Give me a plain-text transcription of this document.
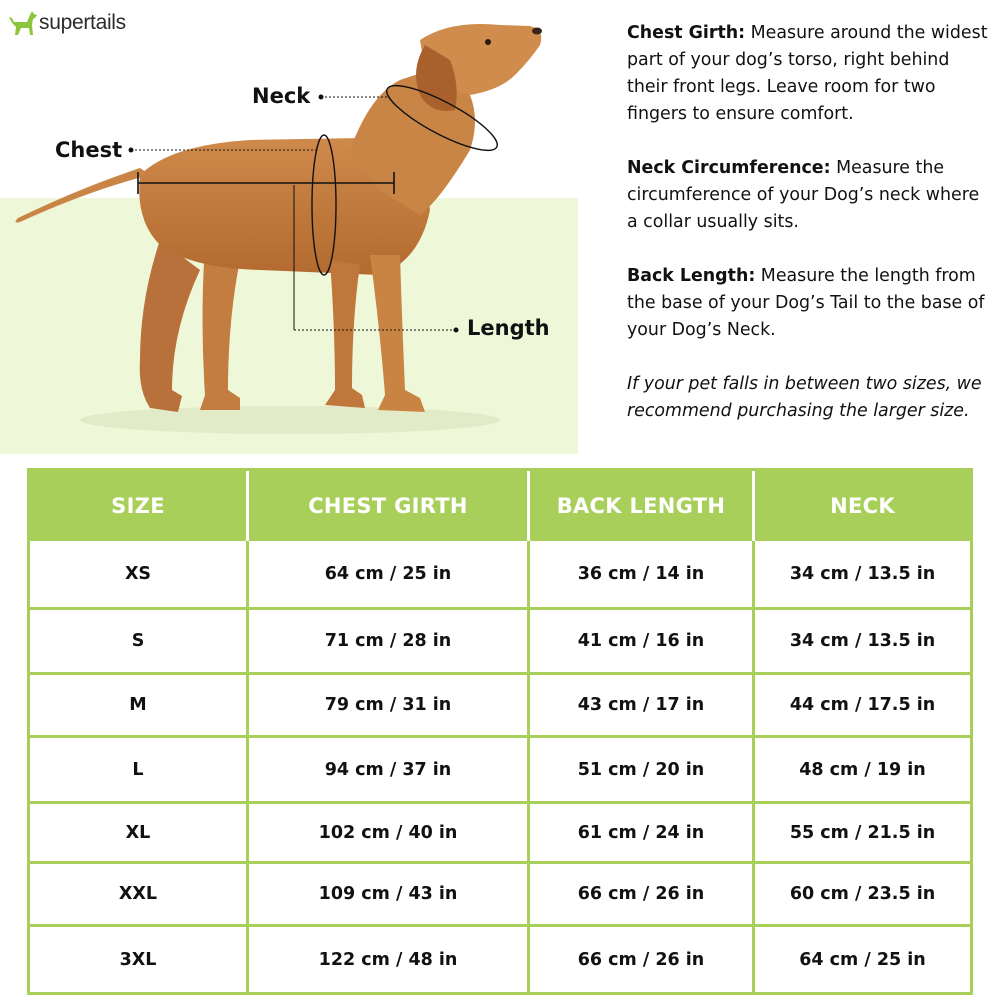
supertails
Neck
Chest
Length

Chest Girth: Measure around the widest part of your dog’s torso, right behind their front legs. Leave room for two fingers to ensure comfort.

Neck Circumference: Measure the circumference of your Dog’s neck where a collar usually sits.

Back Length: Measure the length from the base of your Dog’s Tail to the base of your Dog’s Neck.

If your pet falls in between two sizes, we recommend purchasing the larger size.

SIZE	CHEST GIRTH	BACK LENGTH	NECK
XS	64 cm / 25 in	36 cm / 14 in	34 cm / 13.5 in
S	71 cm / 28 in	41 cm / 16 in	34 cm / 13.5 in
M	79 cm / 31 in	43 cm / 17 in	44 cm / 17.5 in
L	94 cm / 37 in	51 cm / 20 in	48 cm / 19 in
XL	102 cm / 40 in	61 cm / 24 in	55 cm / 21.5 in
XXL	109 cm / 43 in	66 cm / 26 in	60 cm / 23.5 in
3XL	122 cm / 48 in	66 cm / 26 in	64 cm / 25 in
